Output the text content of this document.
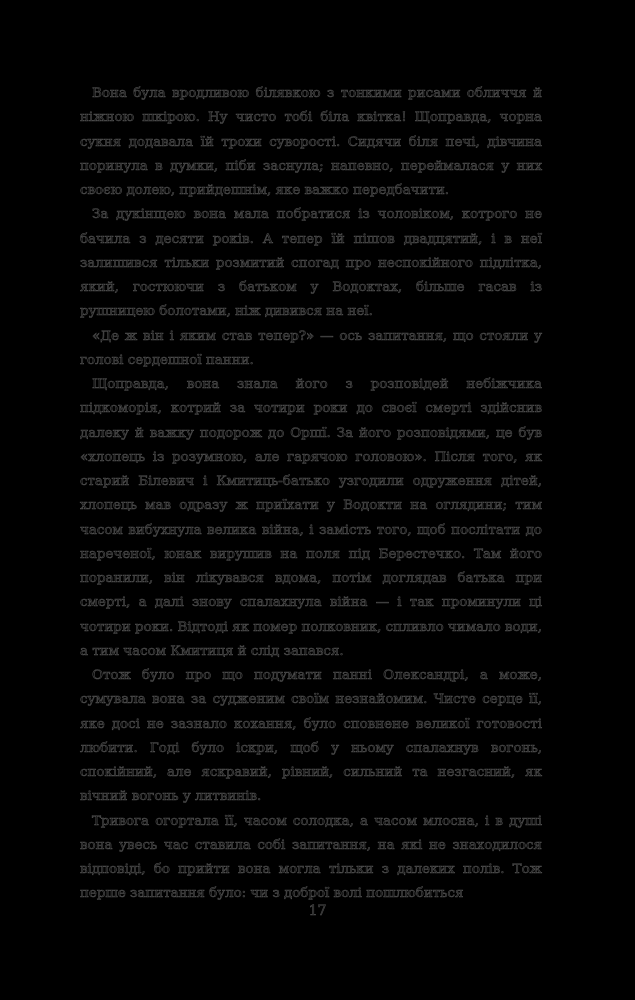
Вона була вродливою білявкою з тонкими рисами обличчя й ніжною шкірою. Ну чисто тобі біла квітка! Щоправда, чорна сукня додавала їй трохи суворості. Сидячи біля печі, дівчина поринула в думки, піби заснула; напевно, переймалася у них своєю долею, прийдешнім, яке важко передбачити.

За дукінщею вона мала побратися із чоловіком, котрого не бачила з десяти років. А тепер їй пішов двадцятий, і в неї залишився тільки розмитий спогад про неспокійного підлітка, який, гостюючи з батьком у Водоктах, більше гасав із рушницею болотами, ніж дивився на неї.

«Де ж він і яким став тепер?» — ось запитання, що стояли у голові сердешної панни.

Щоправда, вона знала його з розповідей небіжчика підкоморія, котрий за чотири роки до своєї смерті здійснив далеку й важку подорож до Оршї. За його розповідями, це був «хлопець із розумною, але гарячою головою». Після того, як старий Білевич і Кмитиць-батько узгодили одруження дітей, хлопець мав одразу ж приїхати у Водокти на оглядини; тим часом вибухнула велика війна, і замість того, щоб послітати до нареченої, юнак вирушив на поля під Берестечко. Там його поранили, він лікувався вдома, потім доглядав батька при смерті, а далі знову спалахнула війна — і так проминули ці чотири роки. Відтоді як помер полковник, спливло чимало води, а тим часом Кмитиця й слід запався.

Отож було про що подумати панні Олександрі, а може, сумувала вона за судженим своїм незнайомим. Чисте серце її, яке досі не зазнало кохання, було сповнене великої готовості любити. Годі було іскри, щоб у ньому спалахнув вогонь, спокійний, але яскравий, рівний, сильний та незгасний, як вічний вогонь у литвинів.

Тривога огортала її, часом солодка, а часом млосна, і в душі вона увесь час ставила собі запитання, на які не знаходилося відповіді, бо прийти вона могла тільки з далеких полів. Тож перше запитання було: чи з доброї волі пошлюбиться

17
